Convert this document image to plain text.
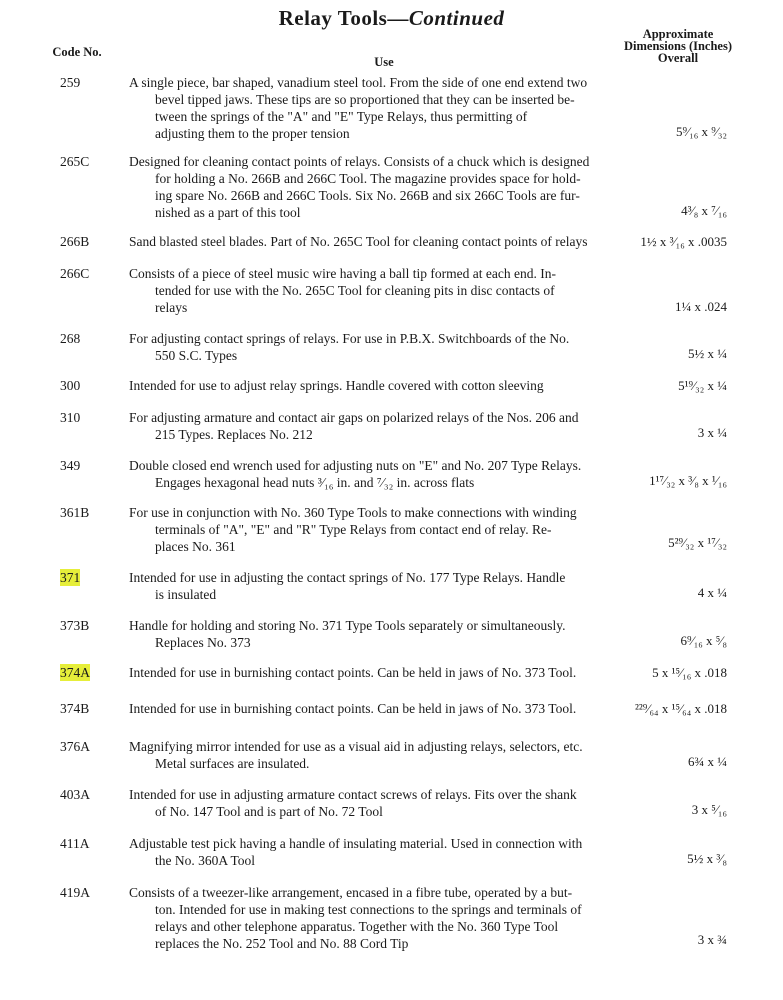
Relay Tools—Continued
Code No.
Use
Approximate Dimensions (Inches) Overall
259	A single piece, bar shaped, vanadium steel tool. From the side of one end extend two
bevel tipped jaws. These tips are so proportioned that they can be inserted be-
tween the springs of the "A" and "E" Type Relays, thus permitting of
adjusting them to the proper tension	5⁹⁄₁₆ x ⁹⁄₃₂
265C	Designed for cleaning contact points of relays. Consists of a chuck which is designed
for holding a No. 266B and 266C Tool. The magazine provides space for hold-
ing spare No. 266B and 266C Tools. Six No. 266B and six 266C Tools are fur-
nished as a part of this tool	4³⁄₈ x ⁷⁄₁₆
266B	Sand blasted steel blades. Part of No. 265C Tool for cleaning contact points of relays	1½ x ³⁄₁₆ x .0035
266C	Consists of a piece of steel music wire having a ball tip formed at each end. In-
tended for use with the No. 265C Tool for cleaning pits in disc contacts of
relays	1¼ x .024
268	For adjusting contact springs of relays. For use in P.B.X. Switchboards of the No.
550 S.C. Types	5½ x ¼
300	Intended for use to adjust relay springs. Handle covered with cotton sleeving	5¹⁹⁄₃₂ x ¼
310	For adjusting armature and contact air gaps on polarized relays of the Nos. 206 and
215 Types. Replaces No. 212	3 x ¼
349	Double closed end wrench used for adjusting nuts on "E" and No. 207 Type Relays.
Engages hexagonal head nuts ³⁄₁₆ in. and ⁷⁄₃₂ in. across flats	1¹⁷⁄₃₂ x ³⁄₈ x ¹⁄₁₆
361B	For use in conjunction with No. 360 Type Tools to make connections with winding
terminals of "A", "E" and "R" Type Relays from contact end of relay. Re-
places No. 361	5²⁹⁄₃₂ x ¹⁷⁄₃₂
371	Intended for use in adjusting the contact springs of No. 177 Type Relays. Handle
is insulated	4 x ¼
373B	Handle for holding and storing No. 371 Type Tools separately or simultaneously.
Replaces No. 373	6⁹⁄₁₆ x ⁵⁄₈
374A	Intended for use in burnishing contact points. Can be held in jaws of No. 373 Tool.	5 x ¹⁵⁄₁₆ x .018
374B	Intended for use in burnishing contact points. Can be held in jaws of No. 373 Tool.	²²⁹⁄₆₄ x ¹⁵⁄₆₄ x .018
376A	Magnifying mirror intended for use as a visual aid in adjusting relays, selectors, etc.
Metal surfaces are insulated.	6¾ x ¼
403A	Intended for use in adjusting armature contact screws of relays. Fits over the shank
of No. 147 Tool and is part of No. 72 Tool	3 x ⁵⁄₁₆
411A	Adjustable test pick having a handle of insulating material. Used in connection with
the No. 360A Tool	5½ x ³⁄₈
419A	Consists of a tweezer-like arrangement, encased in a fibre tube, operated by a but-
ton. Intended for use in making test connections to the springs and terminals of
relays and other telephone apparatus. Together with the No. 360 Type Tool
replaces the No. 252 Tool and No. 88 Cord Tip	3 x ¾
